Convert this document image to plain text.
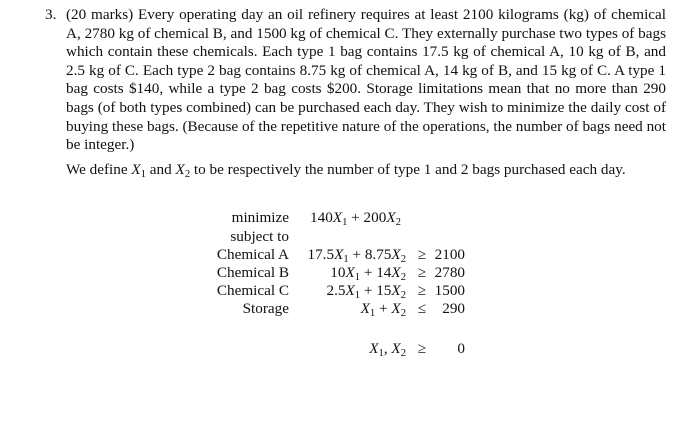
3. (20 marks) Every operating day an oil refinery requires at least 2100 kilograms (kg) of chemical A, 2780 kg of chemical B, and 1500 kg of chemical C. They externally purchase two types of bags which contain these chemicals. Each type 1 bag contains 17.5 kg of chemical A, 10 kg of B, and 2.5 kg of C. Each type 2 bag contains 8.75 kg of chemical A, 14 kg of B, and 15 kg of C. A type 1 bag costs $140, while a type 2 bag costs $200. Storage limitations mean that no more than 290 bags (of both types combined) can be purchased each day. They wish to minimize the daily cost of buying these bags. (Because of the repetitive nature of the operations, the number of bags need not be integer.)

We define $X_1$ and $X_2$ to be respectively the number of type 1 and 2 bags purchased each day.

minimize $140X_1 + 200X_2$
subject to
Chemical A	$17.5X_1 + 8.75X_2 \ge 2100$
Chemical B	$10X_1 + 14X_2 \ge 2780$
Chemical C	$2.5X_1 + 15X_2 \ge 1500$
Storage	$X_1 + X_2$ ≤	290
$X_1$, $X_2$ ≥	0
